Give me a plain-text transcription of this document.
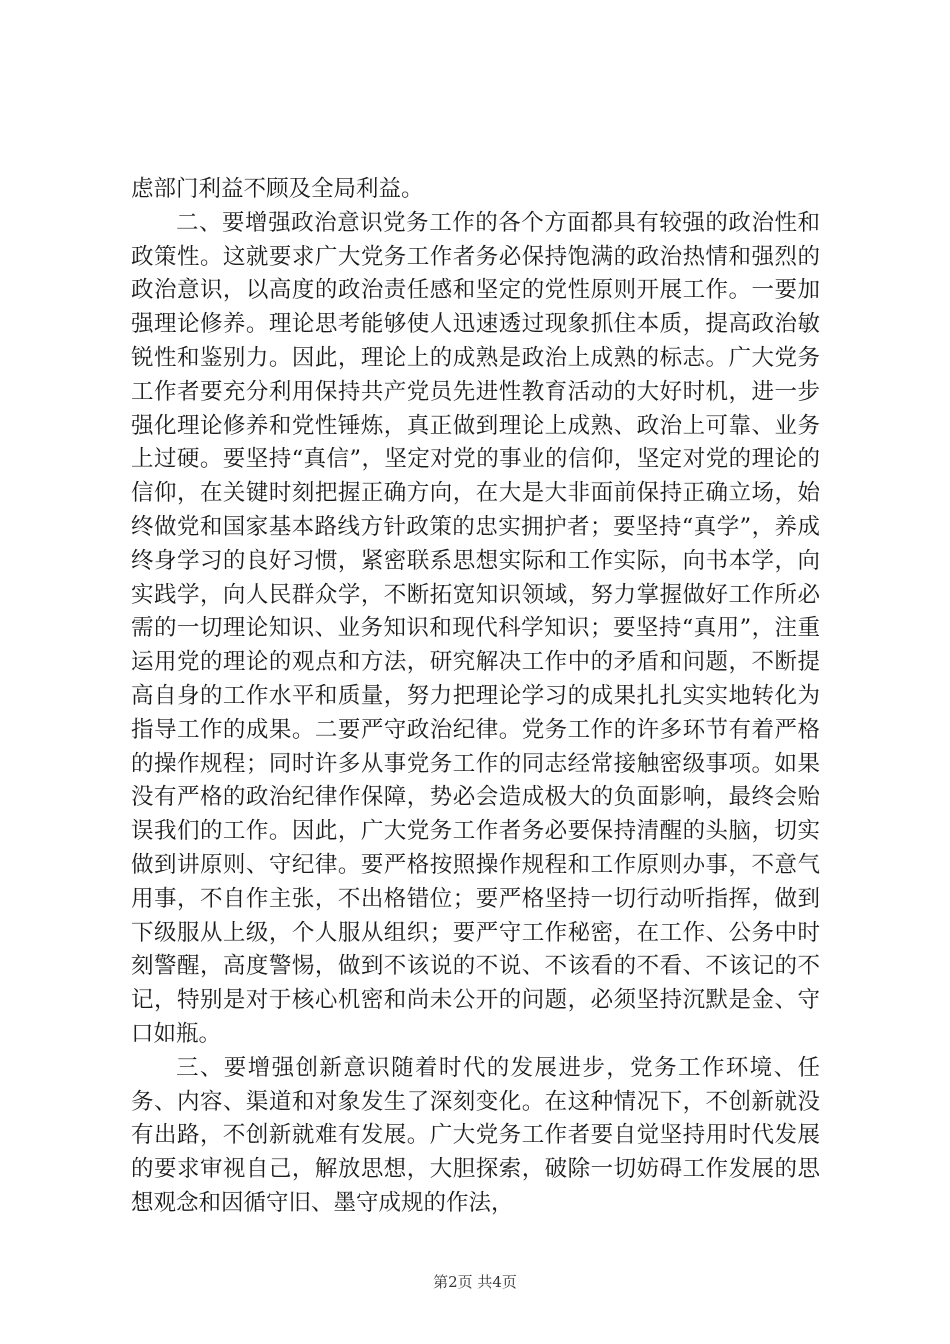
虑部门利益不顾及全局利益。

二、要增强政治意识党务工作的各个方面都具有较强的政治性和政策性。这就要求广大党务工作者务必保持饱满的政治热情和强烈的政治意识，以高度的政治责任感和坚定的党性原则开展工作。一要加强理论修养。理论思考能够使人迅速透过现象抓住本质，提高政治敏锐性和鉴别力。因此，理论上的成熟是政治上成熟的标志。广大党务工作者要充分利用保持共产党员先进性教育活动的大好时机，进一步强化理论修养和党性锤炼，真正做到理论上成熟、政治上可靠、业务上过硬。要坚持“真信”，坚定对党的事业的信仰，坚定对党的理论的信仰，在关键时刻把握正确方向，在大是大非面前保持正确立场，始终做党和国家基本路线方针政策的忠实拥护者；要坚持“真学”，养成终身学习的良好习惯，紧密联系思想实际和工作实际，向书本学，向实践学，向人民群众学，不断拓宽知识领域，努力掌握做好工作所必需的一切理论知识、业务知识和现代科学知识；要坚持“真用”，注重运用党的理论的观点和方法，研究解决工作中的矛盾和问题，不断提高自身的工作水平和质量，努力把理论学习的成果扎扎实实地转化为指导工作的成果。二要严守政治纪律。党务工作的许多环节有着严格的操作规程；同时许多从事党务工作的同志经常接触密级事项。如果没有严格的政治纪律作保障，势必会造成极大的负面影响，最终会贻误我们的工作。因此，广大党务工作者务必要保持清醒的头脑，切实做到讲原则、守纪律。要严格按照操作规程和工作原则办事，不意气用事，不自作主张，不出格错位；要严格坚持一切行动听指挥，做到下级服从上级，个人服从组织；要严守工作秘密，在工作、公务中时刻警醒，高度警惕，做到不该说的不说、不该看的不看、不该记的不记，特别是对于核心机密和尚未公开的问题，必须坚持沉默是金、守口如瓶。

三、要增强创新意识随着时代的发展进步，党务工作环境、任务、内容、渠道和对象发生了深刻变化。在这种情况下，不创新就没有出路，不创新就难有发展。广大党务工作者要自觉坚持用时代发展的要求审视自己，解放思想，大胆探索，破除一切妨碍工作发展的思想观念和因循守旧、墨守成规的作法，

第2页 共4页
